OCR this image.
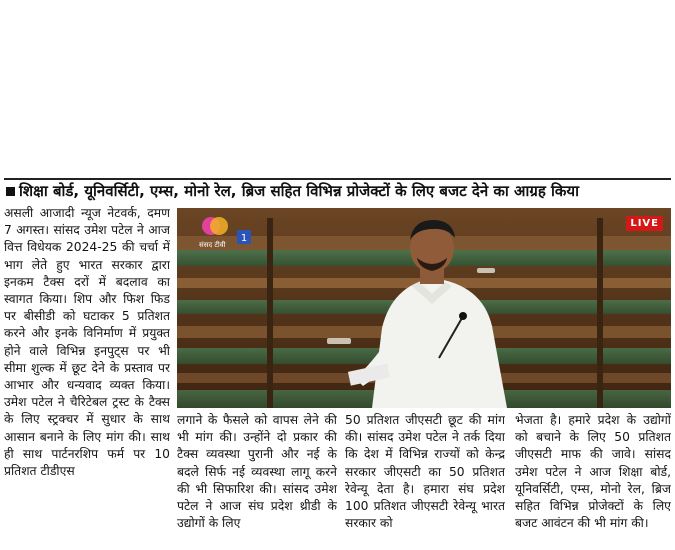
शिक्षा बोर्ड, यूनिवर्सिटी, एम्स, मोनो रेल, ब्रिज सहित विभिन्न प्रोजेक्टों के लिए बजट देने का आग्रह किया
असली आजादी न्यूज नेटवर्क, दमण 7 अगस्त। सांसद उमेश पटेल ने आज वित्त विधेयक 2024-25 की चर्चा में भाग लेते हुए भारत सरकार द्वारा इनकम टैक्स दरों में बदलाव का स्वागत किया। शिप और फिश फिड पर बीसीडी को घटाकर 5 प्रतिशत करने और इनके विनिर्माण में प्रयुक्त होने वाले विभिन्न इनपुट्स पर भी सीमा शुल्क में छूट देने के प्रस्ताव पर आभार और धन्यवाद व्यक्त किया। उमेश पटेल ने चैरिटेबल ट्रस्ट के टैक्स के लिए स्ट्रक्चर में सुधार के साथ आसान बनाने के लिए मांग की। साथ ही साथ पार्टनरशिप फर्म पर 10 प्रतिशत टीडीएस
1
संसद टीवी
LIVE
लगाने के फैसले को वापस लेने की भी मांग की। उन्होंने दो प्रकार की टैक्स व्यवस्था पुरानी और नई के बदले सिर्फ नई व्यवस्था लागू करने की भी सिफारिश की। सांसद उमेश पटेल ने आज संघ प्रदेश थ्रीडी के उद्योगों के लिए
50 प्रतिशत जीएसटी छूट की मांग की। सांसद उमेश पटेल ने तर्क दिया कि देश में विभिन्न राज्यों को केन्द्र सरकार जीएसटी का 50 प्रतिशत रेवेन्यू देता है। हमारा संघ प्रदेश 100 प्रतिशत जीएसटी रेवेन्यू भारत सरकार को
भेजता है। हमारे प्रदेश के उद्योगों को बचाने के लिए 50 प्रतिशत जीएसटी माफ की जावे। सांसद उमेश पटेल ने आज शिक्षा बोर्ड, यूनिवर्सिटी, एम्स, मोनो रेल, ब्रिज सहित विभिन्न प्रोजेक्टों के लिए बजट आवंटन की भी मांग की।
